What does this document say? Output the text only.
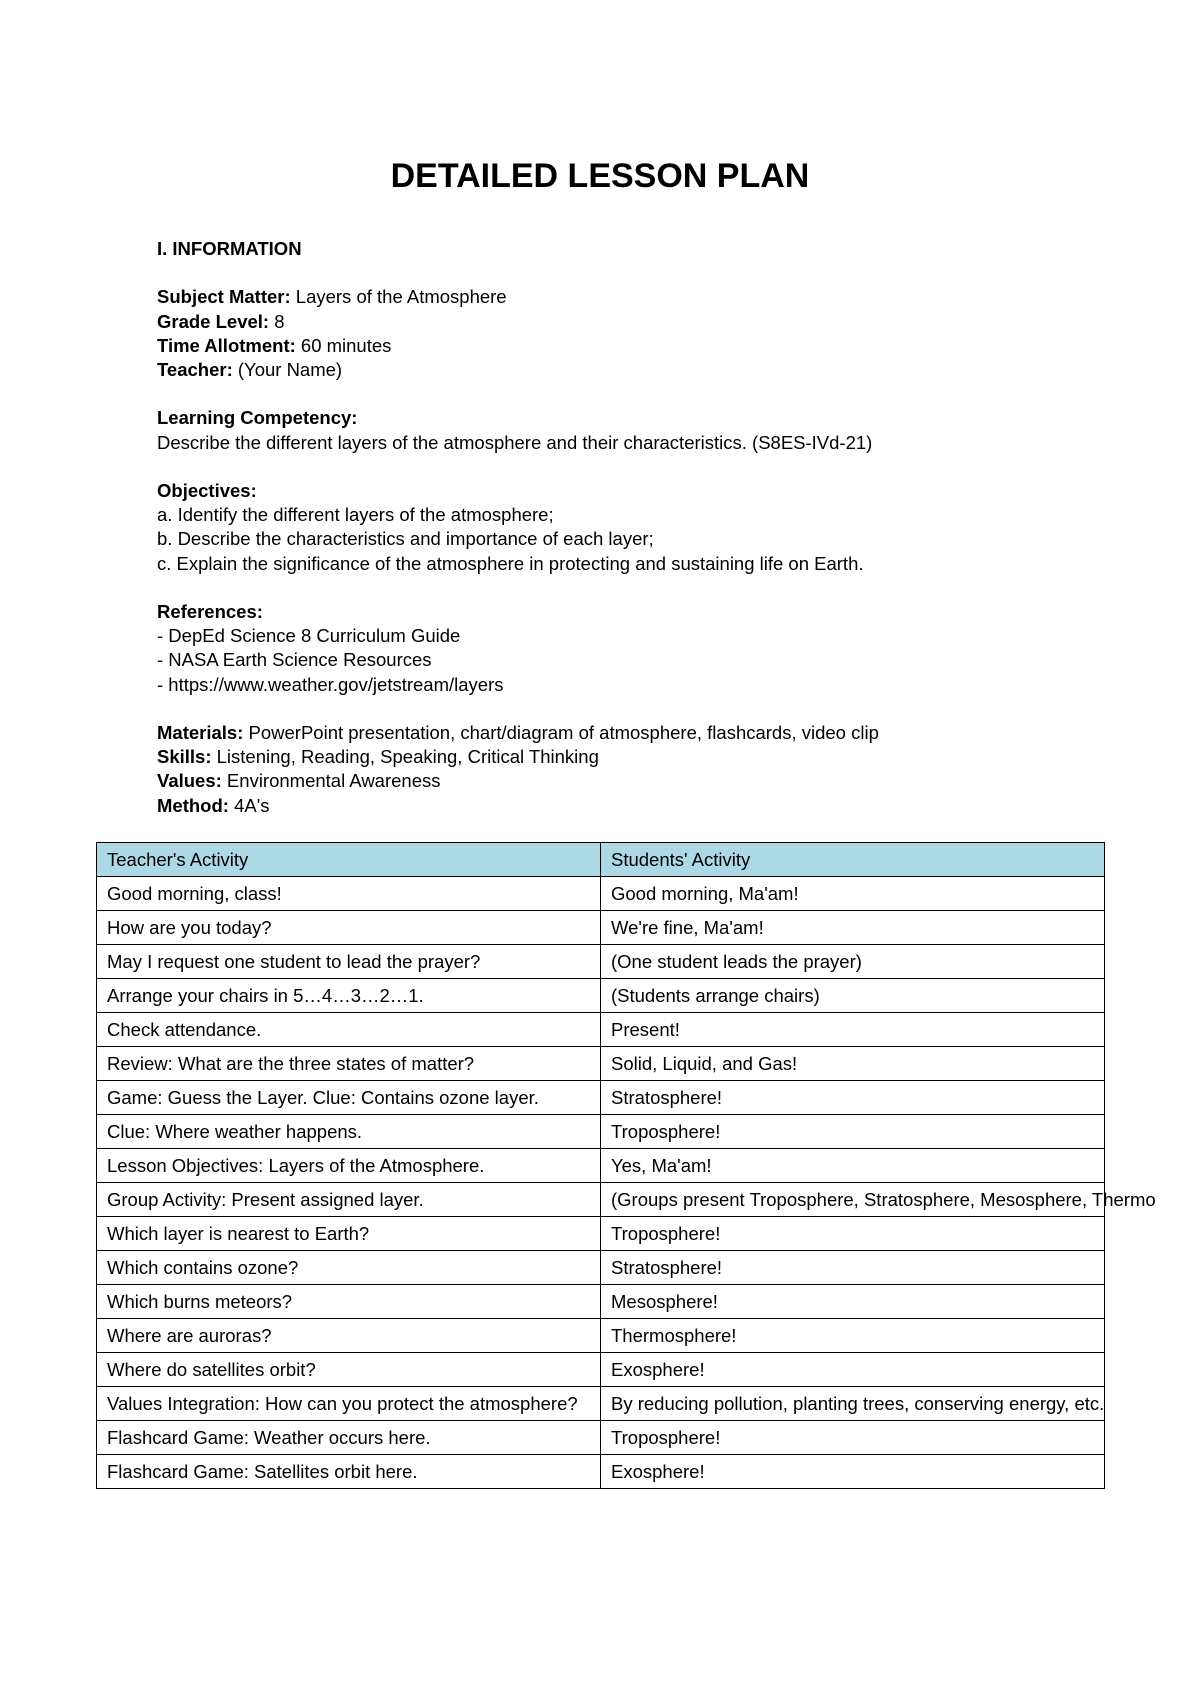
DETAILED LESSON PLAN
I. INFORMATION
Subject Matter: Layers of the Atmosphere
Grade Level: 8
Time Allotment: 60 minutes
Teacher: (Your Name)
Learning Competency:
Describe the different layers of the atmosphere and their characteristics. (S8ES-IVd-21)
Objectives:
a. Identify the different layers of the atmosphere;
b. Describe the characteristics and importance of each layer;
c. Explain the significance of the atmosphere in protecting and sustaining life on Earth.
References:
- DepEd Science 8 Curriculum Guide
- NASA Earth Science Resources
- https://www.weather.gov/jetstream/layers
Materials: PowerPoint presentation, chart/diagram of atmosphere, flashcards, video clip
Skills: Listening, Reading, Speaking, Critical Thinking
Values: Environmental Awareness
Method: 4A's
Teacher's Activity	Students' Activity
Good morning, class!	Good morning, Ma'am!
How are you today?	We're fine, Ma'am!
May I request one student to lead the prayer?	(One student leads the prayer)
Arrange your chairs in 5…4…3…2…1.	(Students arrange chairs)
Check attendance.	Present!
Review: What are the three states of matter?	Solid, Liquid, and Gas!
Game: Guess the Layer. Clue: Contains ozone layer.	Stratosphere!
Clue: Where weather happens.	Troposphere!
Lesson Objectives: Layers of the Atmosphere.	Yes, Ma'am!
Group Activity: Present assigned layer.	(Groups present Troposphere, Stratosphere, Mesosphere, Thermo
Which layer is nearest to Earth?	Troposphere!
Which contains ozone?	Stratosphere!
Which burns meteors?	Mesosphere!
Where are auroras?	Thermosphere!
Where do satellites orbit?	Exosphere!
Values Integration: How can you protect the atmosphere?	By reducing pollution, planting trees, conserving energy, etc.
Flashcard Game: Weather occurs here.	Troposphere!
Flashcard Game: Satellites orbit here.	Exosphere!
